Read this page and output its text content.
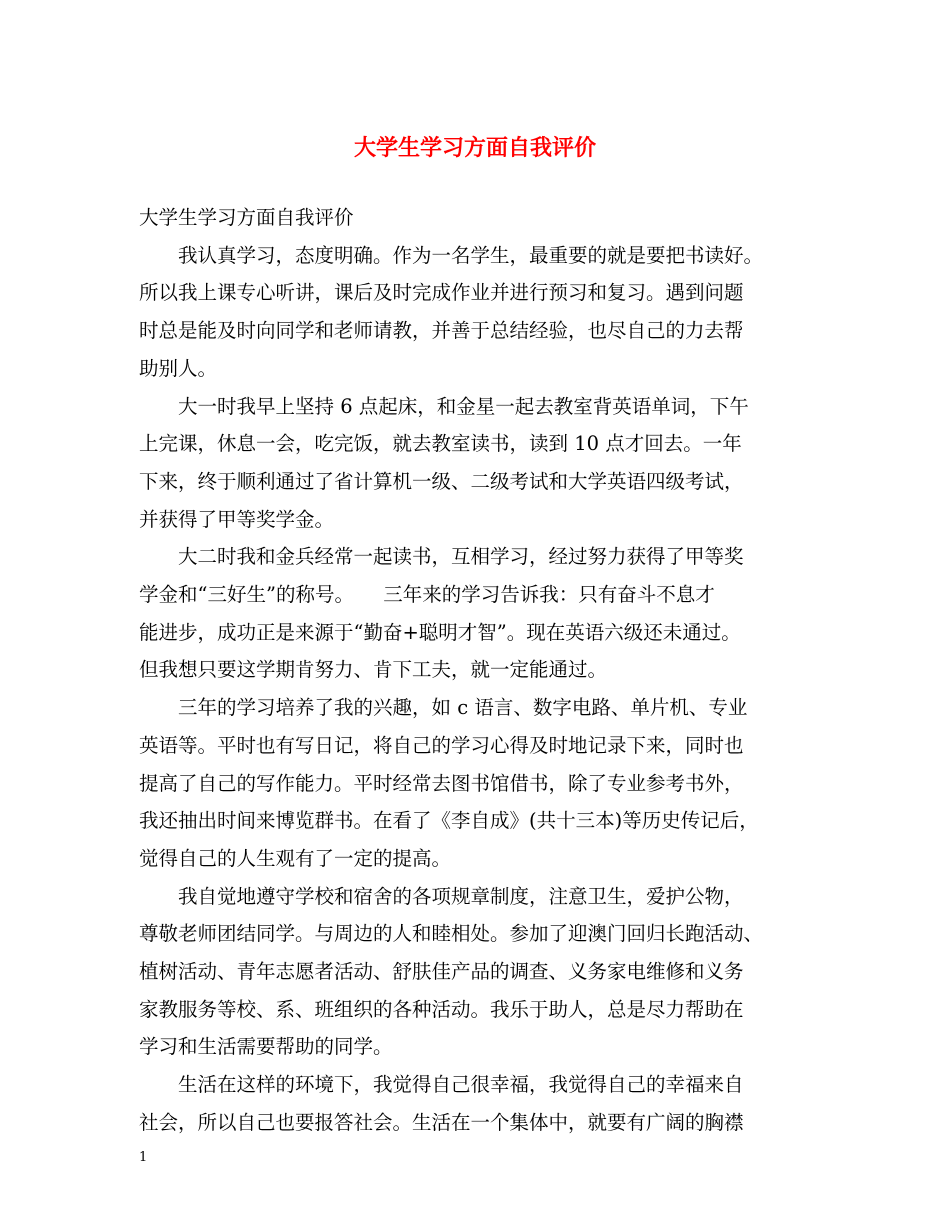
大学生学习方面自我评价

大学生学习方面自我评价

　　我认真学习，态度明确。作为一名学生，最重要的就是要把书读好。

所以我上课专心听讲，课后及时完成作业并进行预习和复习。遇到问题

时总是能及时向同学和老师请教，并善于总结经验，也尽自己的力去帮

助别人。

　　大一时我早上坚持 6 点起床，和金星一起去教室背英语单词，下午

上完课，休息一会，吃完饭，就去教室读书，读到 10 点才回去。一年

下来，终于顺利通过了省计算机一级、二级考试和大学英语四级考试，

并获得了甲等奖学金。

　　大二时我和金兵经常一起读书，互相学习，经过努力获得了甲等奖

学金和“三好生”的称号。　　三年来的学习告诉我：只有奋斗不息才

能进步，成功正是来源于“勤奋+聪明才智”。现在英语六级还未通过。

但我想只要这学期肯努力、肯下工夫，就一定能通过。

　　三年的学习培养了我的兴趣，如 c 语言、数字电路、单片机、专业

英语等。平时也有写日记，将自己的学习心得及时地记录下来，同时也

提高了自己的写作能力。平时经常去图书馆借书，除了专业参考书外，

我还抽出时间来博览群书。在看了《李自成》(共十三本)等历史传记后，

觉得自己的人生观有了一定的提高。

　　我自觉地遵守学校和宿舍的各项规章制度，注意卫生，爱护公物，

尊敬老师团结同学。与周边的人和睦相处。参加了迎澳门回归长跑活动、

植树活动、青年志愿者活动、舒肤佳产品的调查、义务家电维修和义务

家教服务等校、系、班组织的各种活动。我乐于助人，总是尽力帮助在

学习和生活需要帮助的同学。

　　生活在这样的环境下，我觉得自己很幸福，我觉得自己的幸福来自

社会，所以自己也要报答社会。生活在一个集体中，就要有广阔的胸襟

1
